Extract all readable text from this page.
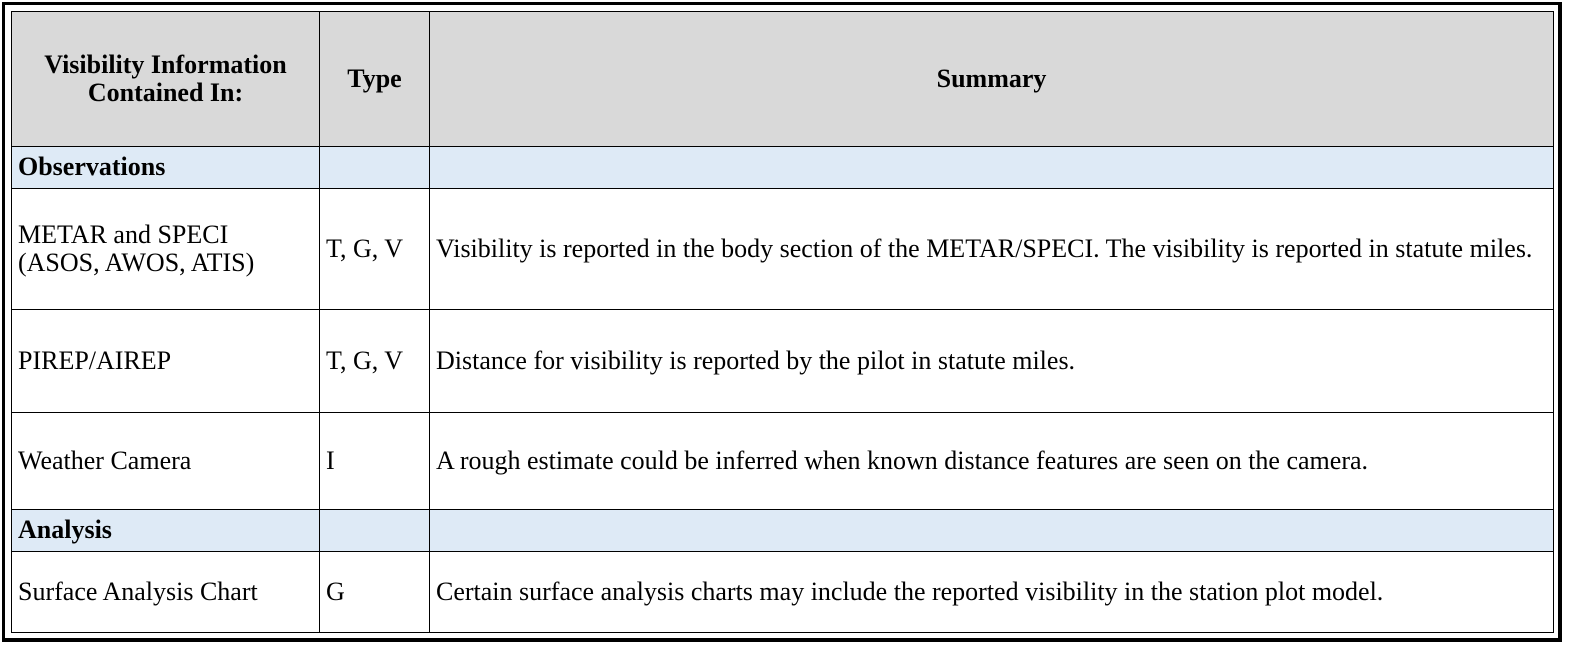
Visibility Information Contained In:	Type	Summary
Observations		
METAR and SPECI (ASOS, AWOS, ATIS)	T, G, V	Visibility is reported in the body section of the METAR/SPECI. The visibility is reported in statute miles.
PIREP/AIREP	T, G, V	Distance for visibility is reported by the pilot in statute miles.
Weather Camera	I	A rough estimate could be inferred when known distance features are seen on the camera.
Analysis		
Surface Analysis Chart	G	Certain surface analysis charts may include the reported visibility in the station plot model.
